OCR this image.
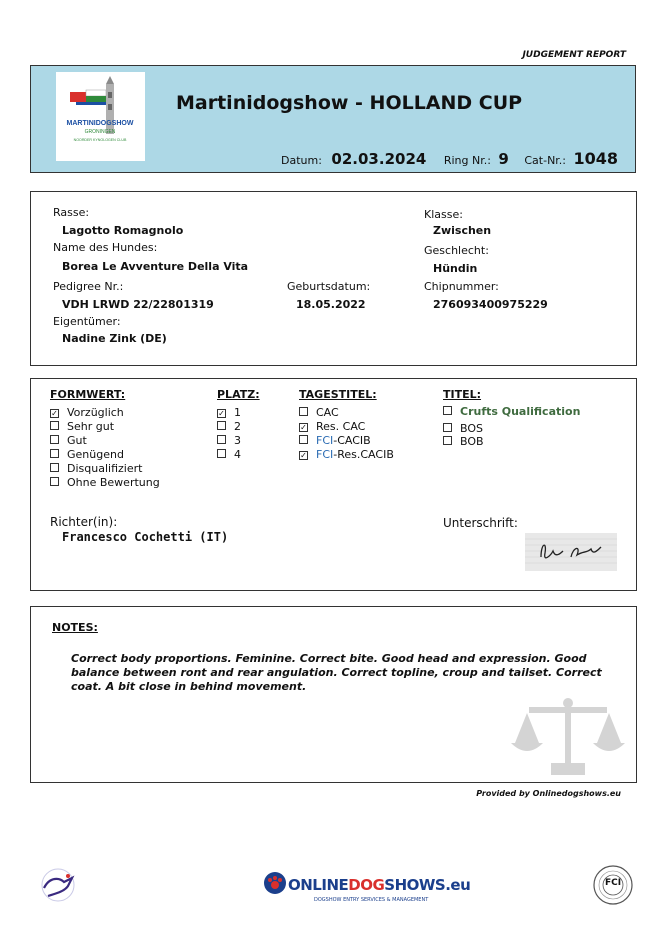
JUDGEMENT REPORT
MARTINIDOGSHOW
GRONINGEN
NOORDER KYNOLOGEN CLUB
Martinidogshow - HOLLAND CUP
Datum: 02.03.2024 Ring Nr.: 9 Cat-Nr.: 1048
Rasse:
Lagotto Romagnolo
Name des Hundes:
Borea Le Avventure Della Vita
Pedigree Nr.:
VDH LRWD 22/22801319
Eigentümer:
Nadine Zink (DE)
Geburtsdatum:
18.05.2022
Klasse:
Zwischen
Geschlecht:
Hündin
Chipnummer:
276093400975229
FORMWERT:
✓ Vorzüglich
Sehr gut
Gut
Genügend
Disqualifiziert
Ohne Bewertung
PLATZ:
✓ 1
2
3
4
TAGESTITEL:
CAC
✓ Res. CAC
FCI-CACIB
✓ FCI-Res.CACIB
TITEL:
Crufts Qualification
BOS
BOB
Richter(in):
Francesco Cochetti (IT)
Unterschrift:
NOTES:
Correct body proportions. Feminine. Correct bite. Good head and expression. Good balance between ront and rear angulation. Correct topline, croup and tailset. Correct coat. A bit close in behind movement.
Provided by Onlinedogshows.eu
ONLINEDOGSHOWS.eu
DOGSHOW ENTRY SERVICES & MANAGEMENT
FCI
